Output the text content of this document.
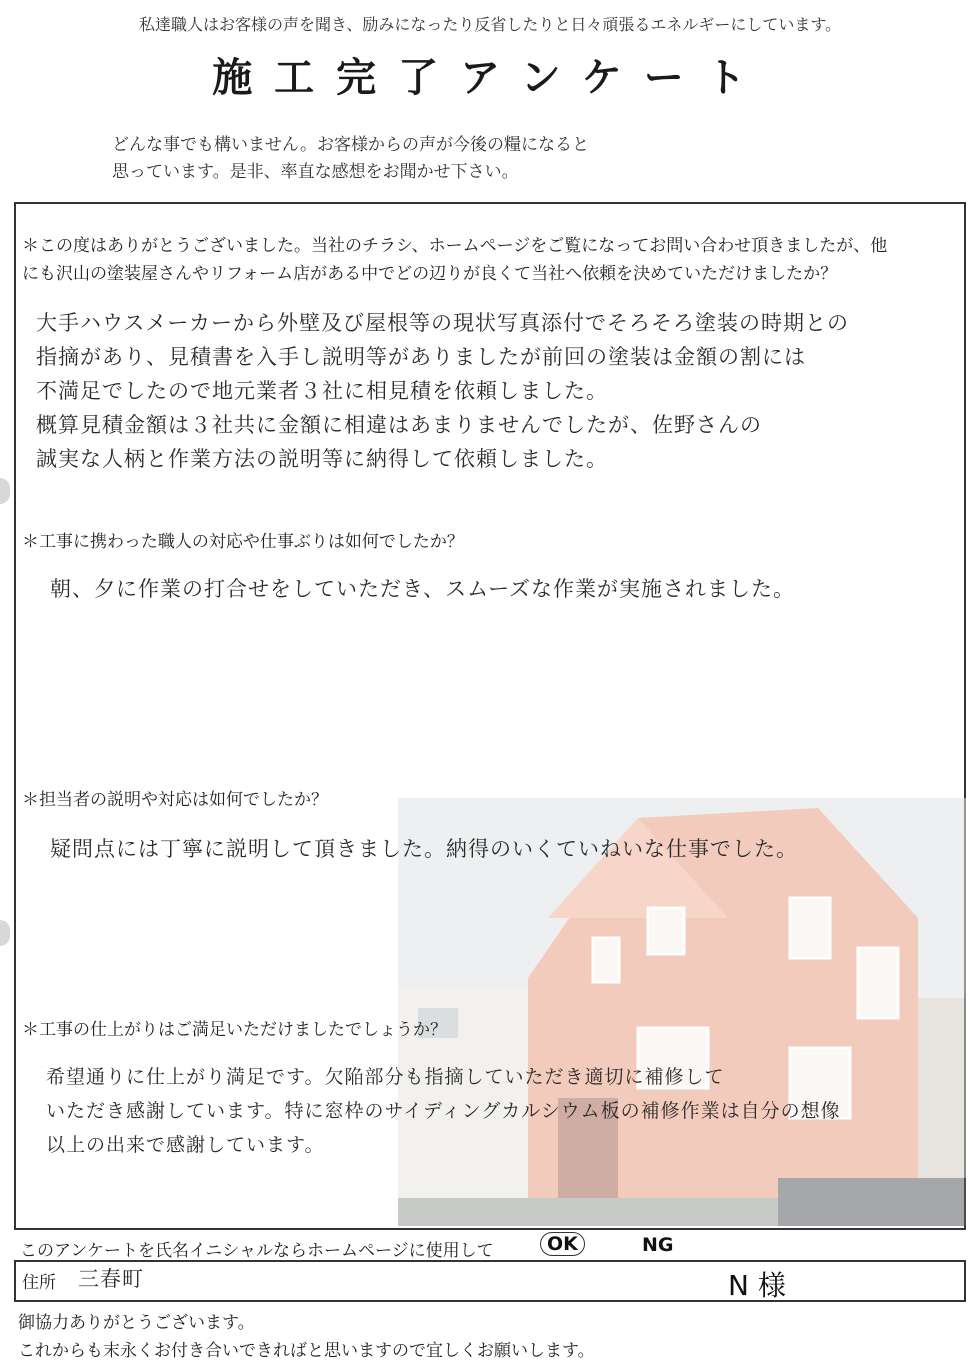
私達職人はお客様の声を聞き、励みになったり反省したりと日々頑張るエネルギーにしています。
施工完了アンケート
どんな事でも構いません。お客様からの声が今後の糧になると
思っています。是非、率直な感想をお聞かせ下さい。
＊この度はありがとうございました。当社のチラシ、ホームページをご覧になってお問い合わせ頂きましたが、他
にも沢山の塗装屋さんやリフォーム店がある中でどの辺りが良くて当社へ依頼を決めていただけましたか？
大手ハウスメーカーから外壁及び屋根等の現状写真添付でそろそろ塗装の時期との
指摘があり、見積書を入手し説明等がありましたが前回の塗装は金額の割には
不満足でしたので地元業者３社に相見積を依頼しました。
概算見積金額は３社共に金額に相違はあまりませんでしたが、佐野さんの
誠実な人柄と作業方法の説明等に納得して依頼しました。
＊工事に携わった職人の対応や仕事ぶりは如何でしたか？
朝、夕に作業の打合せをしていただき、スムーズな作業が実施されました。
＊担当者の説明や対応は如何でしたか？
疑問点には丁寧に説明して頂きました。納得のいくていねいな仕事でした。
＊工事の仕上がりはご満足いただけましたでしょうか？
希望通りに仕上がり満足です。欠陥部分も指摘していただき適切に補修して
いただき感謝しています。特に窓枠のサイディングカルシウム板の補修作業は自分の想像
以上の出来で感謝しています。
このアンケートを氏名イニシャルならホームページに使用して	OK	NG
住所 三春町	N 様
御協力ありがとうございます。
これからも末永くお付き合いできればと思いますので宜しくお願いします。
